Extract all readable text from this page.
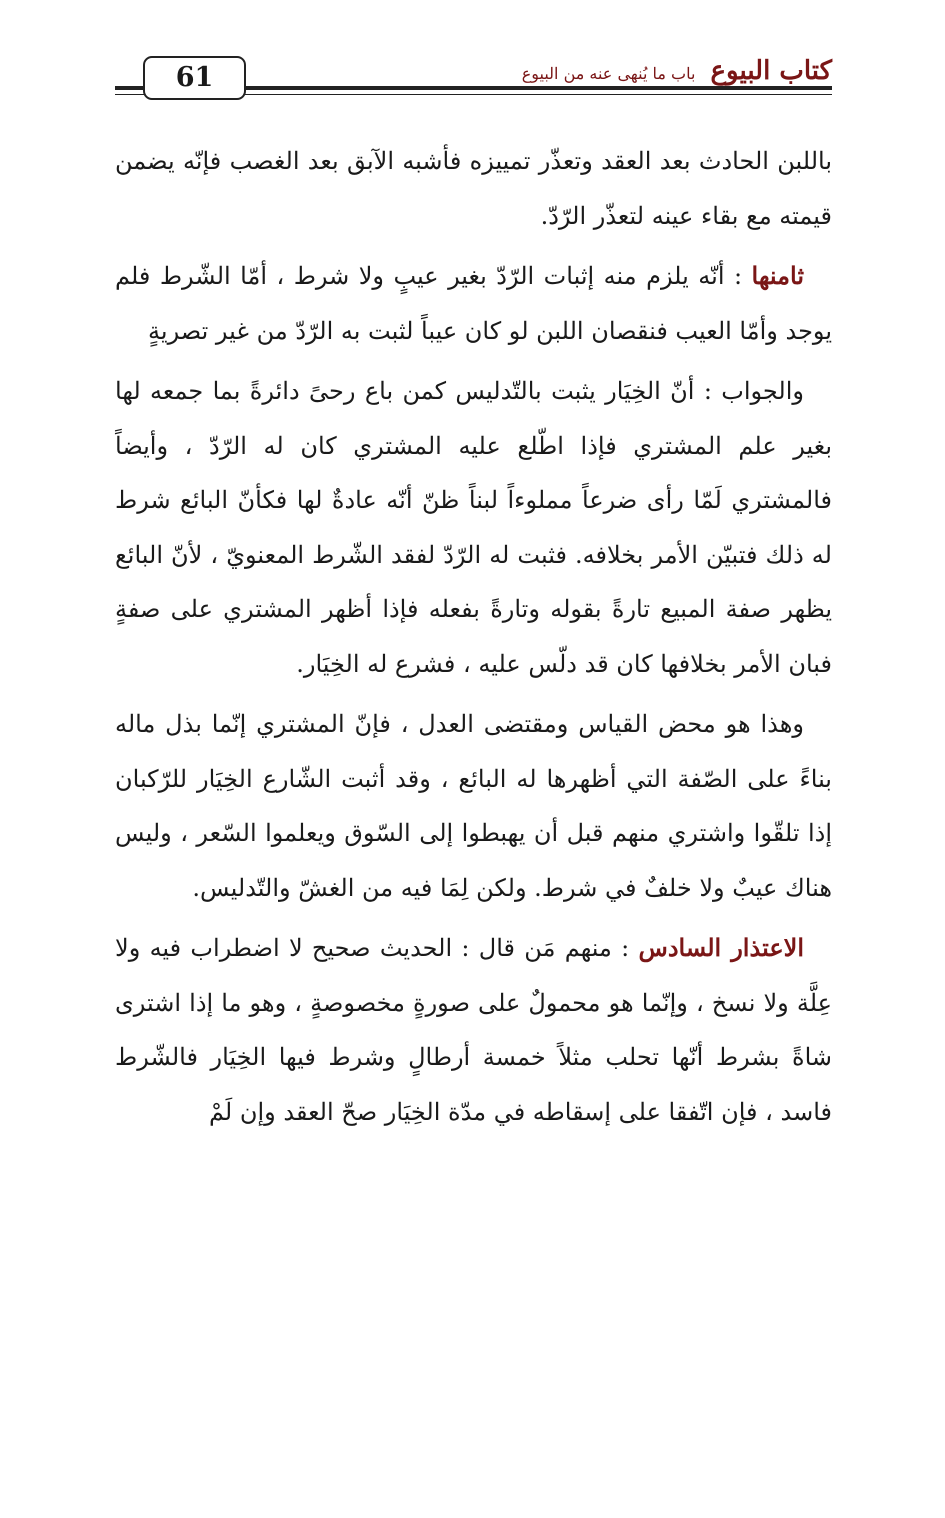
61	كتاب البيوع باب ما يُنهى عنه من البيوع

باللبن الحادث بعد العقد وتعذّر تمييزه فأشبه الآبق بعد الغصب فإنّه يضمن قيمته مع بقاء عينه لتعذّر الرّدّ.

ثامنها : أنّه يلزم منه إثبات الرّدّ بغير عيبٍ ولا شرط ، أمّا الشّرط فلم يوجد وأمّا العيب فنقصان اللبن لو كان عيباً لثبت به الرّدّ من غير تصريةٍ

والجواب : أنّ الخِيَار يثبت بالتّدليس كمن باع رحىً دائرةً بما جمعه لها بغير علم المشتري فإذا اطّلع عليه المشتري كان له الرّدّ ، وأيضاً فالمشتري لَمّا رأى ضرعاً مملوءاً لبناً ظنّ أنّه عادةٌ لها فكأنّ البائع شرط له ذلك فتبيّن الأمر بخلافه. فثبت له الرّدّ لفقد الشّرط المعنويّ ، لأنّ البائع يظهر صفة المبيع تارةً بقوله وتارةً بفعله فإذا أظهر المشتري على صفةٍ فبان الأمر بخلافها كان قد دلّس عليه ، فشرع له الخِيَار.

وهذا هو محض القياس ومقتضى العدل ، فإنّ المشتري إنّما بذل ماله بناءً على الصّفة التي أظهرها له البائع ، وقد أثبت الشّارع الخِيَار للرّكبان إذا تلقّوا واشتري منهم قبل أن يهبطوا إلى السّوق ويعلموا السّعر ، وليس هناك عيبٌ ولا خلفٌ في شرط. ولكن لِمَا فيه من الغشّ والتّدليس.

الاعتذار السادس : منهم مَن قال : الحديث صحيح لا اضطراب فيه ولا عِلَّة ولا نسخ ، وإنّما هو محمولٌ على صورةٍ مخصوصةٍ ، وهو ما إذا اشترى شاةً بشرط أنّها تحلب مثلاً خمسة أرطالٍ وشرط فيها الخِيَار فالشّرط فاسد ، فإن اتّفقا على إسقاطه في مدّة الخِيَار صحّ العقد وإن لَمْ
